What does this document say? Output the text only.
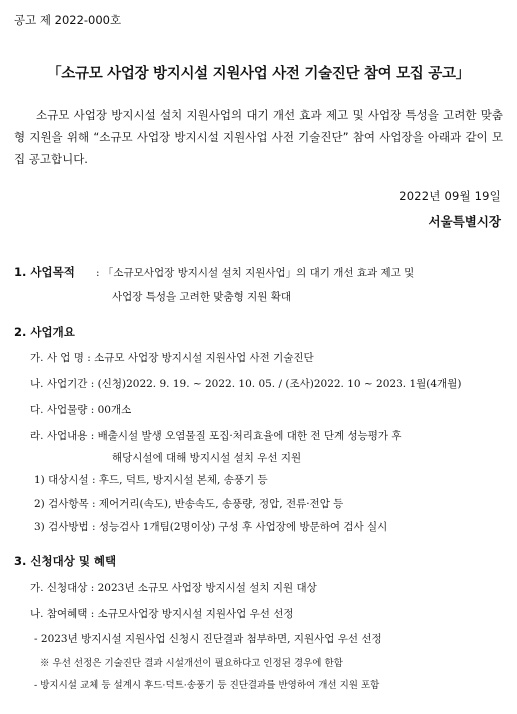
공고 제 2022-000호
「소규모 사업장 방지시설 지원사업 사전 기술진단 참여 모집 공고」
소규모 사업장 방지시설 설치 지원사업의 대기 개선 효과 제고 및 사업장 특성을 고려한 맞춤형 지원을 위해 “소규모 사업장 방지시설 지원사업 사전 기술진단” 참여 사업장을 아래과 같이 모집 공고합니다.
2022년 09월 19일
서울특별시장
1. 사업목적 : 「소규모사업장 방지시설 설치 지원사업」의 대기 개선 효과 제고 및
사업장 특성을 고려한 맞춤형 지원 확대
2. 사업개요
가. 사 업 명 : 소규모 사업장 방지시설 지원사업 사전 기술진단
나. 사업기간 : (신청)2022. 9. 19. ~ 2022. 10. 05. / (조사)2022. 10 ~ 2023. 1월(4개월)
다. 사업물량 : 00개소
라. 사업내용 : 배출시설 발생 오염물질 포집·처리효율에 대한 전 단계 성능평가 후
해당시설에 대해 방지시설 설치 우선 지원
1) 대상시설 : 후드, 덕트, 방지시설 본체, 송풍기 등
2) 검사항목 : 제어거리(속도), 반송속도, 송풍량, 정압, 전류·전압 등
3) 검사방법 : 성능검사 1개팀(2명이상) 구성 후 사업장에 방문하여 검사 실시
3. 신청대상 및 혜택
가. 신청대상 : 2023년 소규모 사업장 방지시설 설치 지원 대상
나. 참여혜택 : 소규모사업장 방지시설 지원사업 우선 선정
- 2023년 방지시설 지원사업 신청시 진단결과 첨부하면, 지원사업 우선 선정
※ 우선 선정은 기술진단 결과 시설개선이 필요하다고 인정된 경우에 한함
- 방지시설 교체 등 설계시 후드·덕트·송풍기 등 진단결과를 반영하여 개선 지원 포함
